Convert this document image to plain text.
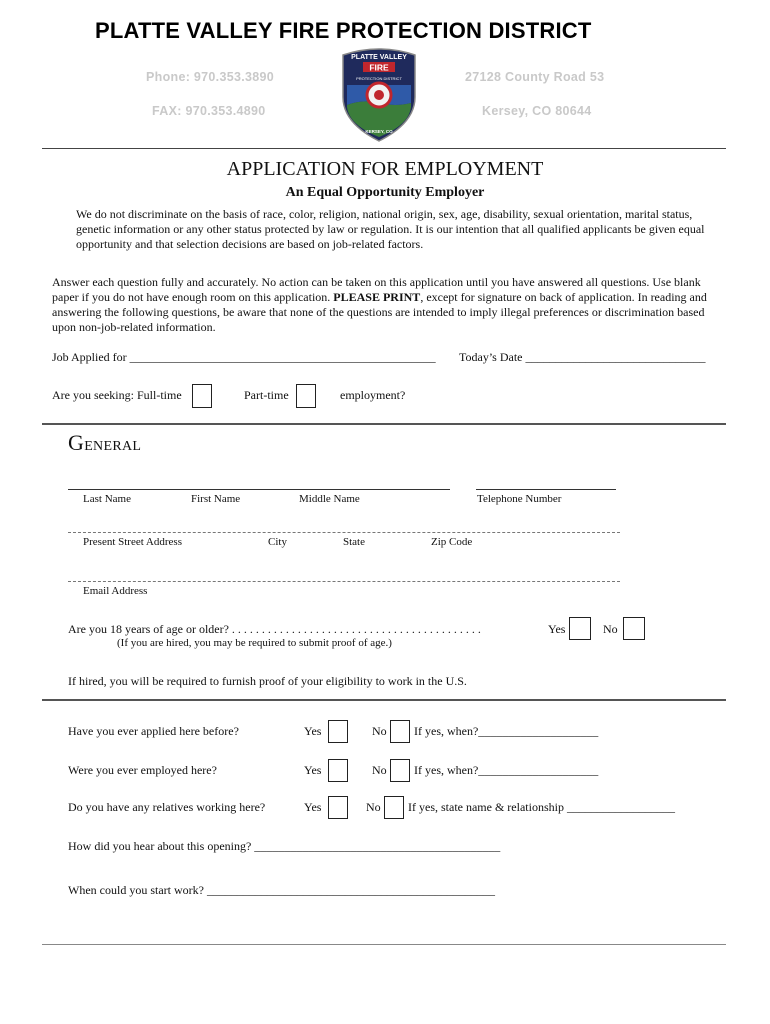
PLATTE VALLEY FIRE PROTECTION DISTRICT
Phone: 970.353.3890
FAX: 970.353.4890
27128 County Road 53
Kersey, CO 80644
PLATTE VALLEY
FIRE
PROTECTION DISTRICT
KERSEY, CO
APPLICATION FOR EMPLOYMENT
An Equal Opportunity Employer
We do not discriminate on the basis of race, color, religion, national origin, sex, age, disability, sexual orientation, marital status, genetic information or any other status protected by law or regulation. It is our intention that all qualified applicants be given equal opportunity and that selection decisions are based on job-related factors.
Answer each question fully and accurately. No action can be taken on this application until you have answered all questions. Use blank paper if you do not have enough room on this application. PLEASE PRINT, except for signature on back of application. In reading and answering the following questions, be aware that none of the questions are intended to imply illegal preferences or discrimination based upon non-job-related information.
Job Applied for ___________________________________________________ Today’s Date ______________________________
Are you seeking: Full-time	Part-time	employment?
GENERAL
Last Name	First Name	Middle Name	Telephone Number
Present Street Address	City	State	Zip Code
Email Address
Are you 18 years of age or older? . . . . . . . . . . . . . . . . . . . . . . . . . . . . . . . . . . . . . . . . . .	Yes	No
(If you are hired, you may be required to submit proof of age.)
If hired, you will be required to furnish proof of your eligibility to work in the U.S.
Have you ever applied here before?	Yes	No If yes, when?____________________
Were you ever employed here?	Yes	No If yes, when?____________________
Do you have any relatives working here?	Yes	No If yes, state name & relationship __________________
How did you hear about this opening? _________________________________________
When could you start work? ________________________________________________
